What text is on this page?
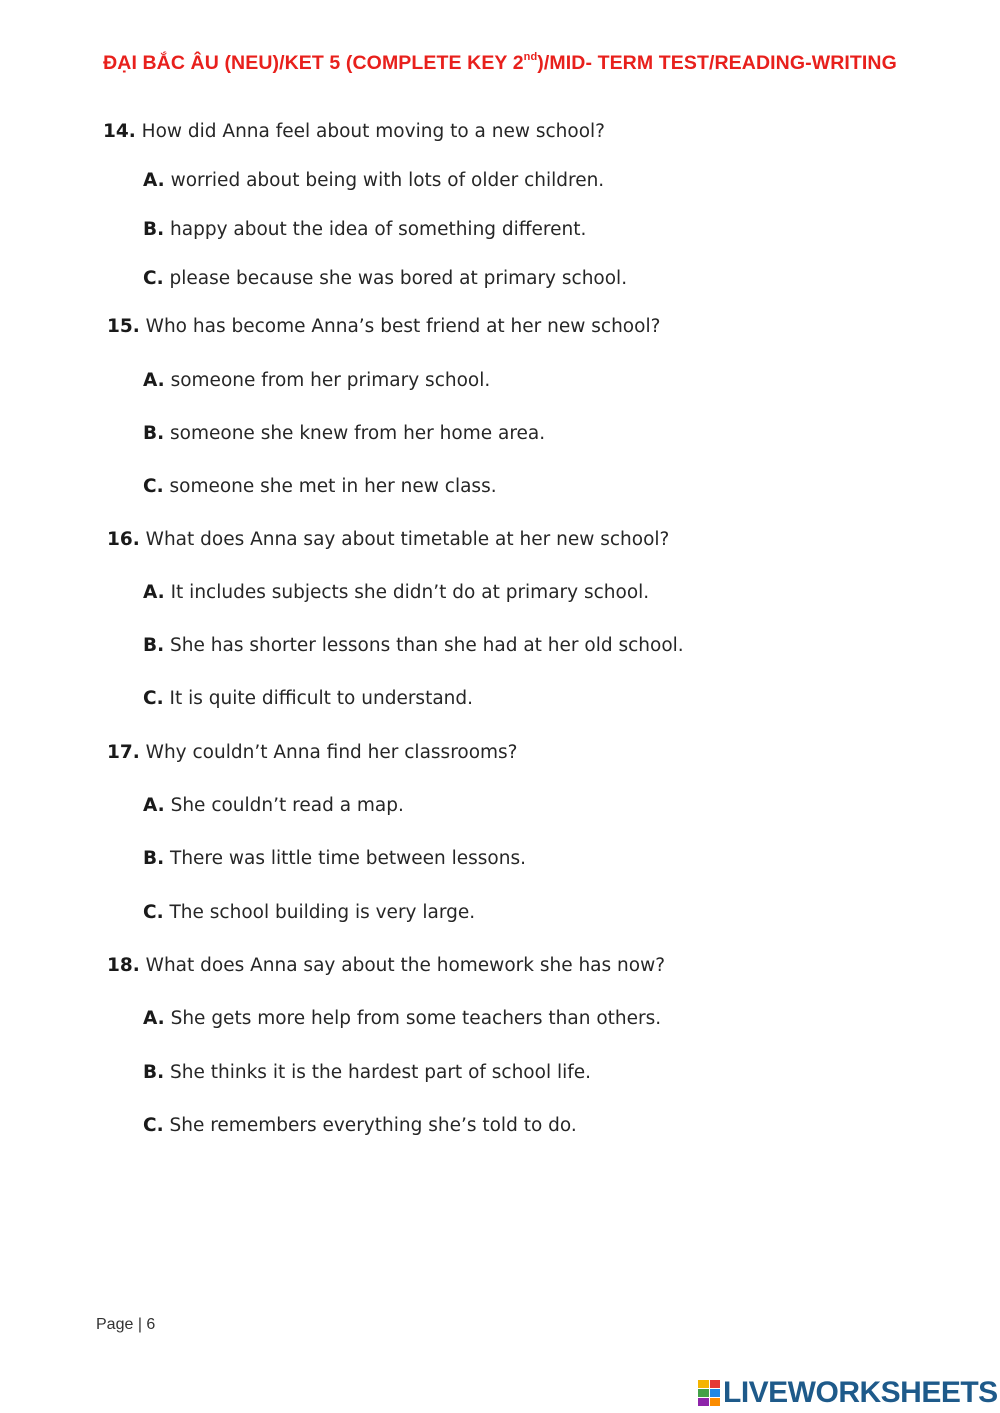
ĐẠI BẮC ÂU (NEU)/KET 5 (COMPLETE KEY 2nd)/MID- TERM TEST/READING-WRITING
14. How did Anna feel about moving to a new school?
A. worried about being with lots of older children.
B. happy about the idea of something different.
C. please because she was bored at primary school.
15. Who has become Anna’s best friend at her new school?
A. someone from her primary school.
B. someone she knew from her home area.
C. someone she met in her new class.
16. What does Anna say about timetable at her new school?
A. It includes subjects she didn’t do at primary school.
B. She has shorter lessons than she had at her old school.
C. It is quite difficult to understand.
17. Why couldn’t Anna find her classrooms?
A. She couldn’t read a map.
B. There was little time between lessons.
C. The school building is very large.
18. What does Anna say about the homework she has now?
A. She gets more help from some teachers than others.
B. She thinks it is the hardest part of school life.
C. She remembers everything she’s told to do.
Page | 6
LIVEWORKSHEETS
